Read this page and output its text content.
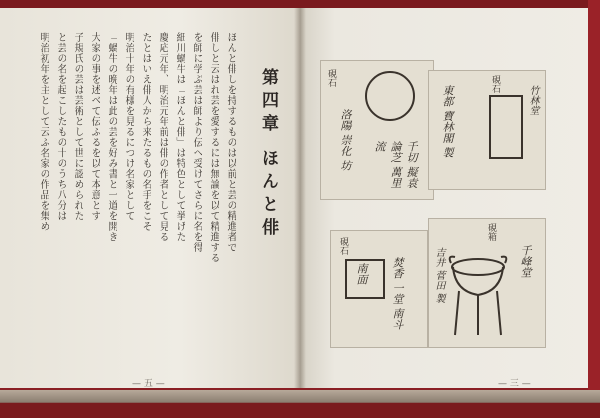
第四章 ほんと俳
ほんと俳しを持するものは以前と芸の精進者で
俳しと云はれ芸を愛するには無論を以て精進する
を師に学ぶ芸は師より伝へ受けてさらに名を得
細川蝸牛は「ほんと俳」は特色として挙げた
慶応元年、明治元年前は俳の作者として見る
たとはいえ俳人から来たるもの名手をこそ
明治十年の有様を見るにつけ名家として
「蝸牛の晩年は此の芸を好み書と一道を開き
大家の事を述べて伝ふるを以て本意とす
子規氏の芸は芸術として世に認められた
と芸の名を起こしたもの十のうち八分は
明治初年を主として云ふ名家の作品を集め
— 五 —
硯石
洛陽 崇化 坊	千切 擬袁論芝 萬里流
硯石
竹林堂
東都 寶林閣 製
硯石
南面 焚香 一堂 南斗
硯箱
千峰堂
吉井 菅田 製
— 三 —
